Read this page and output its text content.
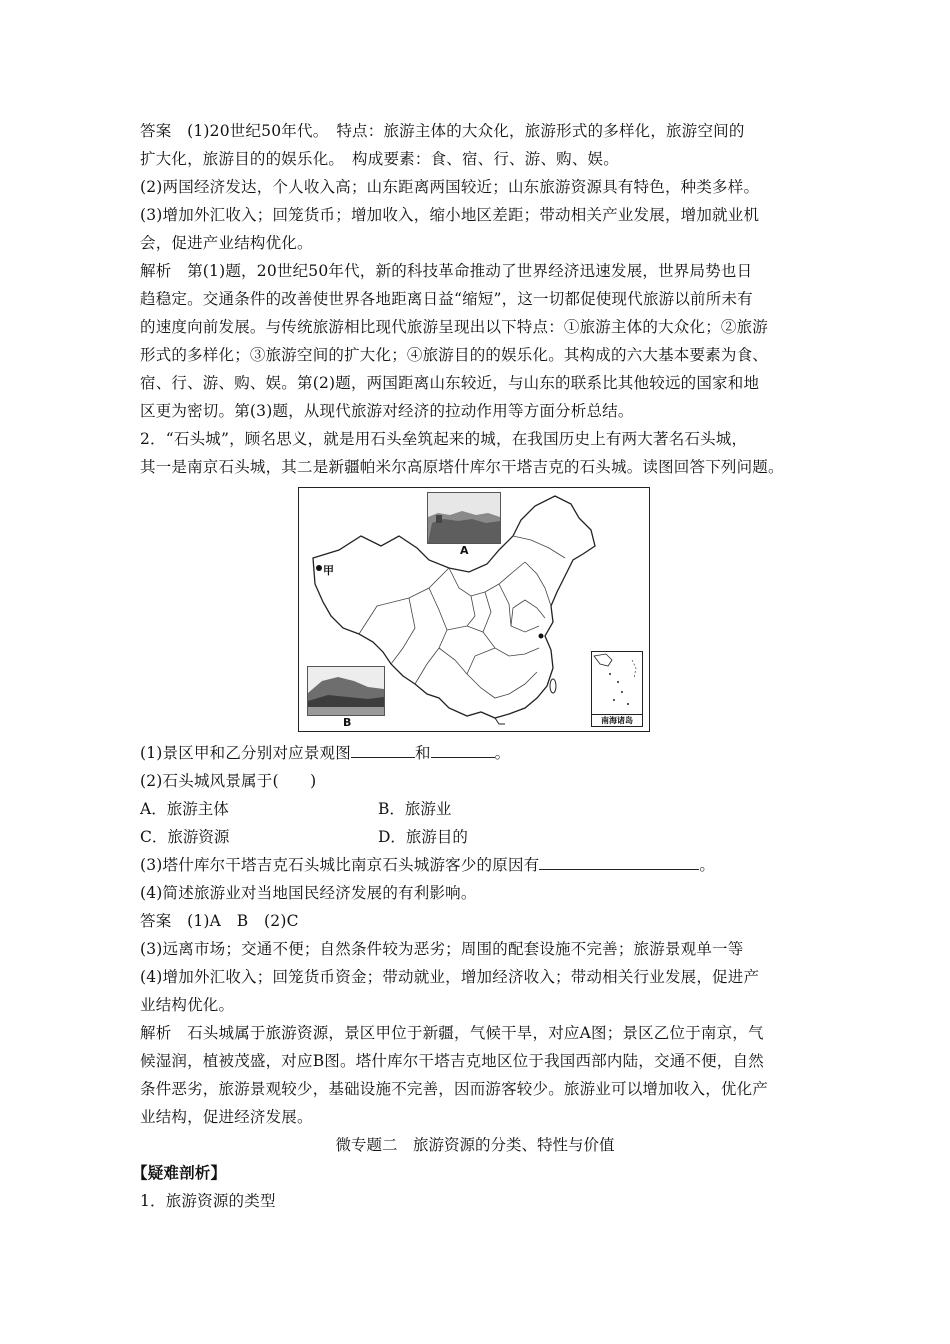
答案　(1)20世纪50年代。　特点：旅游主体的大众化，旅游形式的多样化，旅游空间的
扩大化，旅游目的的娱乐化。　构成要素：食、宿、行、游、购、娱。
(2)两国经济发达，个人收入高；山东距离两国较近；山东旅游资源具有特色，种类多样。
(3)增加外汇收入；回笼货币；增加收入，缩小地区差距；带动相关产业发展，增加就业机
会，促进产业结构优化。
解析　第(1)题，20世纪50年代，新的科技革命推动了世界经济迅速发展，世界局势也日
趋稳定。交通条件的改善使世界各地距离日益“缩短”，这一切都促使现代旅游以前所未有
的速度向前发展。与传统旅游相比现代旅游呈现出以下特点：①旅游主体的大众化；②旅游
形式的多样化；③旅游空间的扩大化；④旅游目的的娱乐化。其构成的六大基本要素为食、
宿、行、游、购、娱。第(2)题，两国距离山东较近，与山东的联系比其他较远的国家和地
区更为密切。第(3)题，从现代旅游对经济的拉动作用等方面分析总结。
2．“石头城”，顾名思义，就是用石头垒筑起来的城，在我国历史上有两大著名石头城，
其一是南京石头城，其二是新疆帕米尔高原塔什库尔干塔吉克的石头城。读图回答下列问题。
甲
A
B	南海诸岛
(1)景区甲和乙分别对应景观图	和	。
(2)石头城风景属于(　　)
A．旅游主体	B．旅游业
C．旅游资源	D．旅游目的
(3)塔什库尔干塔吉克石头城比南京石头城游客少的原因有	。
(4)简述旅游业对当地国民经济发展的有利影响。
答案　(1)A　B　(2)C
(3)远离市场；交通不便；自然条件较为恶劣；周围的配套设施不完善；旅游景观单一等
(4)增加外汇收入；回笼货币资金；带动就业，增加经济收入；带动相关行业发展，促进产
业结构优化。
解析　石头城属于旅游资源，景区甲位于新疆，气候干旱，对应A图；景区乙位于南京，气
候湿润，植被茂盛，对应B图。塔什库尔干塔吉克地区位于我国西部内陆，交通不便，自然
条件恶劣，旅游景观较少，基础设施不完善，因而游客较少。旅游业可以增加收入，优化产
业结构，促进经济发展。
微专题二　旅游资源的分类、特性与价值
【疑难剖析】
1．旅游资源的类型
